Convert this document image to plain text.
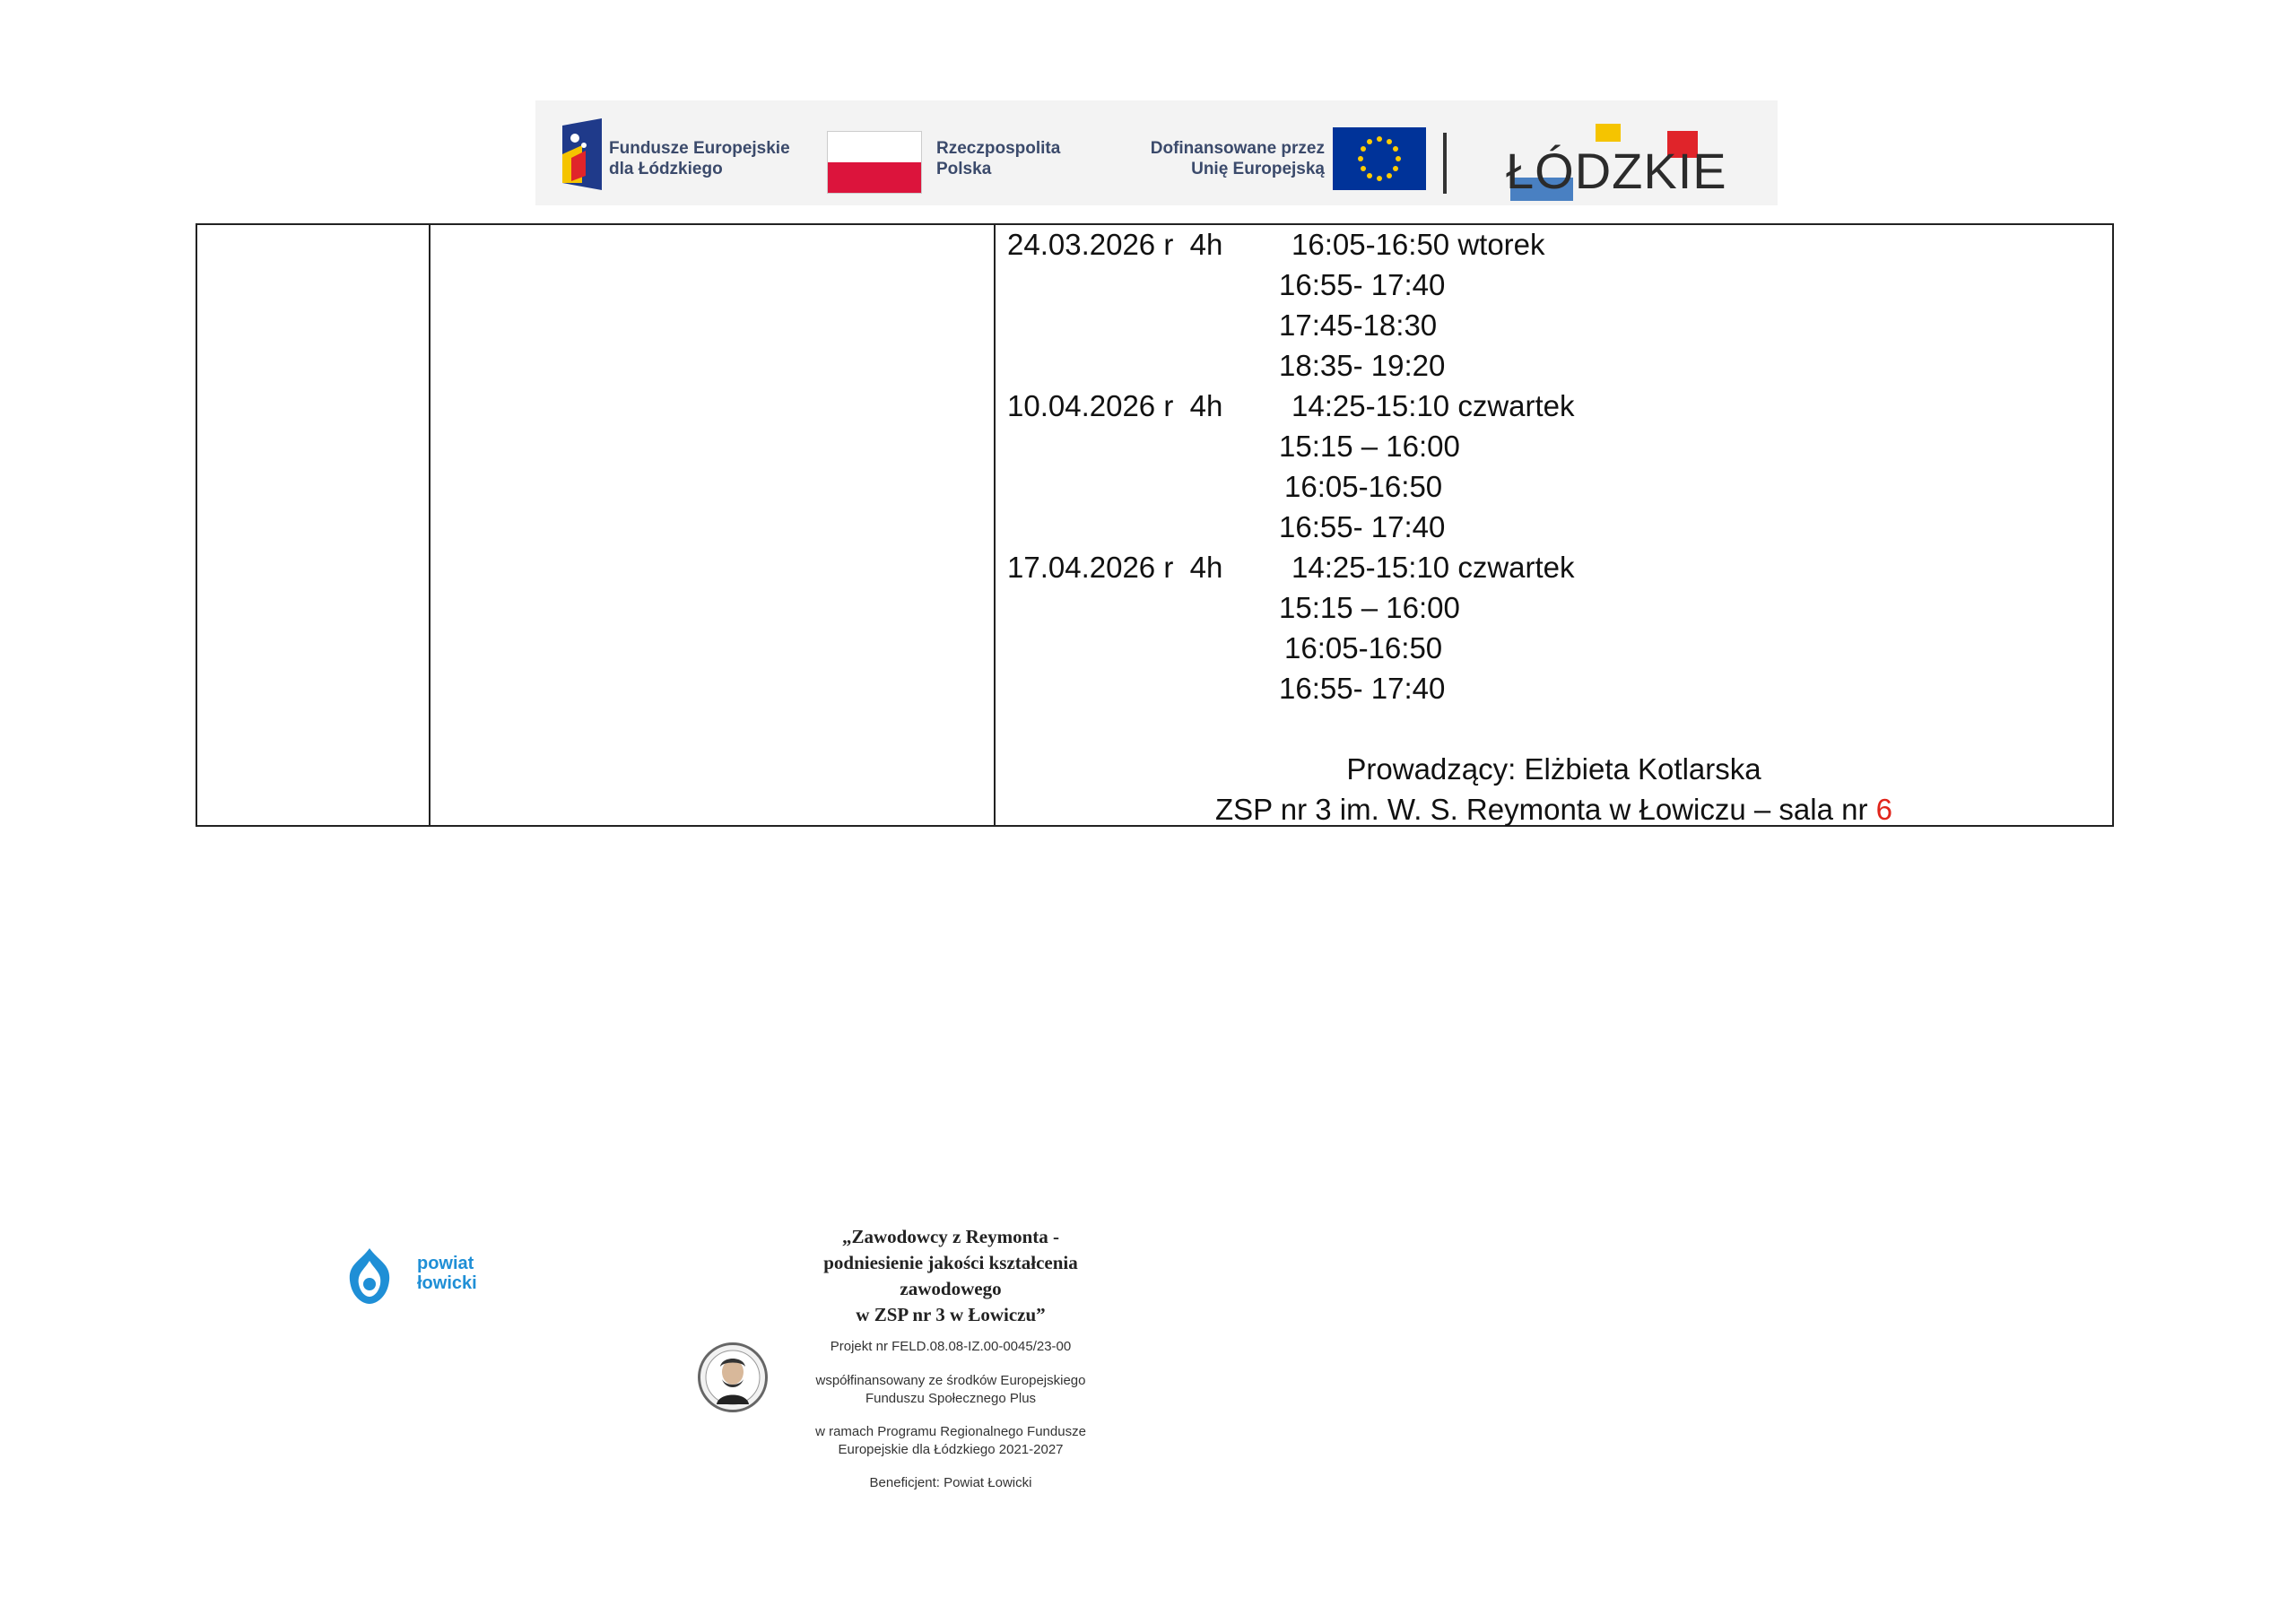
Fundusze Europejskie
dla Łódzkiego
Rzeczpospolita
Polska
Dofinansowane przez
Unię Europejską	ŁÓDZKIE
24.03.2026 r  4h
10.04.2026 r  4h
17.04.2026 r  4h
16:05-16:50 wtorek
16:55- 17:40
17:45-18:30
18:35- 19:20
14:25-15:10 czwartek
15:15 – 16:00
16:05-16:50
16:55- 17:40
14:25-15:10 czwartek
15:15 – 16:00
16:05-16:50
16:55- 17:40
Prowadzący: Elżbieta Kotlarska
ZSP nr 3 im. W. S. Reymonta w Łowiczu – sala nr 6
powiat
łowicki
„Zawodowcy z Reymonta -
podniesienie jakości kształcenia
zawodowego
w ZSP nr 3 w Łowiczu”
Projekt nr FELD.08.08-IZ.00-0045/23-00
współfinansowany ze środków Europejskiego
Funduszu Społecznego Plus
w ramach Programu Regionalnego Fundusze
Europejskie dla Łódzkiego 2021-2027
Beneficjent: Powiat Łowicki
